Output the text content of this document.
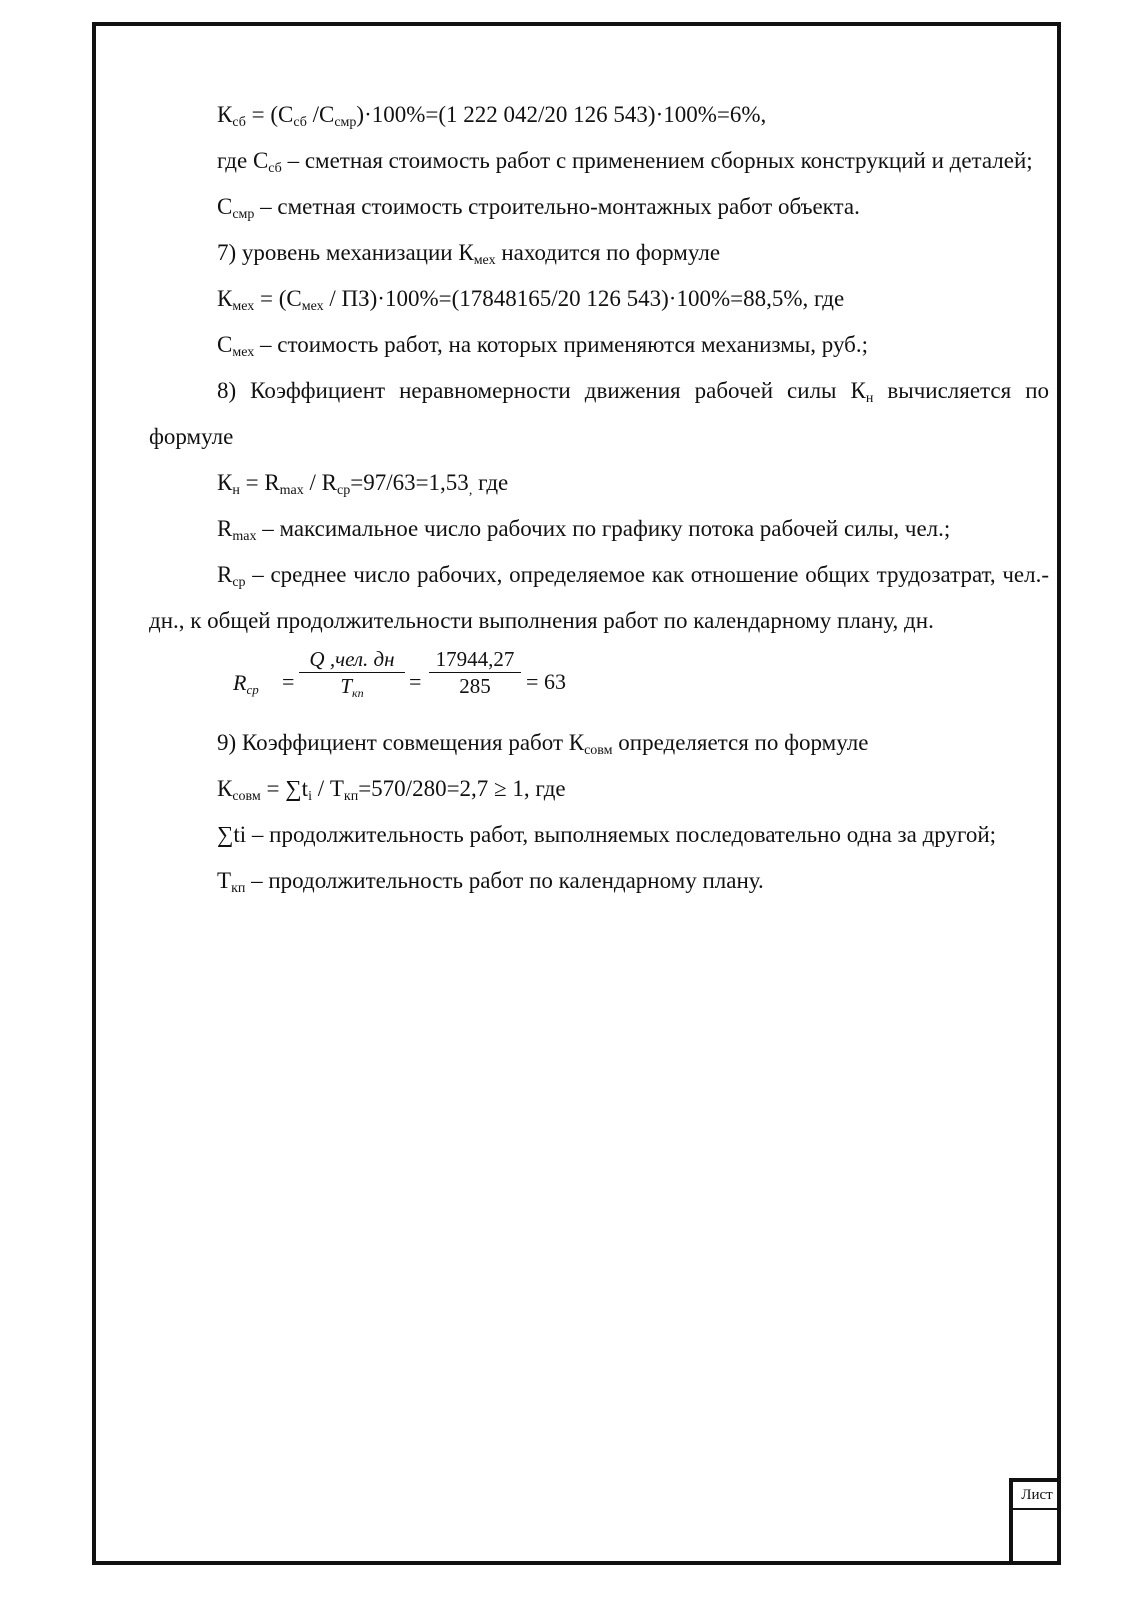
$К_{сб} = (С_{сб}$ $/С_{смр})\cdot 100\%=(1$ 222 042/20 126 543)·100%=6%,

где $С_{сб}$ – сметная стоимость работ с применением сборных конструкций и деталей;

$С_{смр}$ – сметная стоимость строительно-монтажных работ объекта.

7) уровень механизации $К_{мех}$ находится по формуле

$К_{мех} = (С_{мех} / ПЗ)\cdot 100\%=(17848165/20$ 126 543)·100%=88,5%, где

$С_{мех}$ – стоимость работ, на которых применяются механизмы, руб.;

8) Коэффициент неравномерности движения рабочей силы $К_н$ вычисляется по формуле

$К_н = R_{max} / R_{ср}=97/63=1,53_,$ где

$R_{max}$ – максимальное число рабочих по графику потока рабочей силы, чел.;

$R_{ср}$ – среднее число рабочих, определяемое как отношение общих трудозатрат, чел.-дн., к общей продолжительности выполнения работ по календарному плану, дн.

$R_{ср}$ =
Q ,чел. дн
$T_{кп}$	= $\frac{17944,27}{285} = 63$

9) Коэффициент совмещения работ $К_{совм}$ определяется по формуле

$К_{совм} = \sum t_i / Т_{кп}=570/280=2,7 \ge 1$, где

∑ti – продолжительность работ, выполняемых последовательно одна за другой;

$Т_{кп}$ – продолжительность работ по календарному плану.

Лист
